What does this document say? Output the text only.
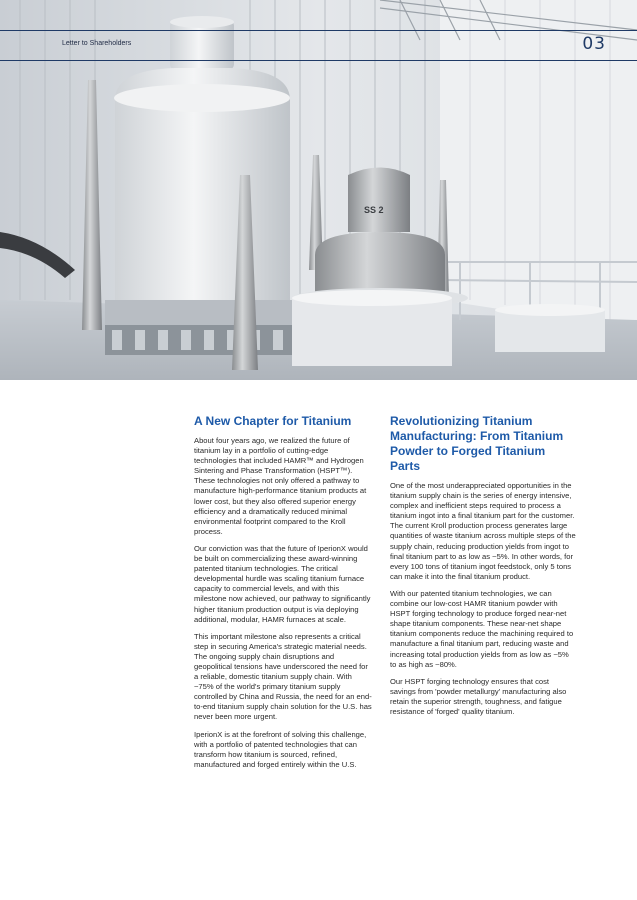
SS 2
Letter to Shareholders	03
A New Chapter for Titanium

About four years ago, we realized the future of titanium lay in a portfolio of cutting-edge technologies that included HAMR™ and Hydrogen Sintering and Phase Transformation (HSPT™). These technologies not only offered a pathway to manufacture high-performance titanium products at lower cost, but they also offered superior energy efficiency and a dramatically reduced minimal environmental footprint compared to the Kroll process.

Our conviction was that the future of IperionX would be built on commercializing these award-winning patented titanium technologies. The critical developmental hurdle was scaling titanium furnace capacity to commercial levels, and with this milestone now achieved, our pathway to significantly higher titanium production output is via deploying additional, modular, HAMR furnaces at scale.

This important milestone also represents a critical step in securing America's strategic material needs. The ongoing supply chain disruptions and geopolitical tensions have underscored the need for a reliable, domestic titanium supply chain. With ~75% of the world's primary titanium supply controlled by China and Russia, the need for an end-to-end titanium supply chain solution for the U.S. has never been more urgent.

IperionX is at the forefront of solving this challenge, with a portfolio of patented technologies that can transform how titanium is sourced, refined, manufactured and forged entirely within the U.S.

Revolutionizing Titanium Manufacturing: From Titanium Powder to Forged Titanium Parts

One of the most underappreciated opportunities in the titanium supply chain is the series of energy intensive, complex and inefficient steps required to process a titanium ingot into a final titanium part for the customer. The current Kroll production process generates large quantities of waste titanium across multiple steps of the supply chain, reducing production yields from ingot to final titanium part to as low as ~5%. In other words, for every 100 tons of titanium ingot feedstock, only 5 tons can make it into the final titanium product.

With our patented titanium technologies, we can combine our low-cost HAMR titanium powder with HSPT forging technology to produce forged near-net shape titanium components. These near-net shape titanium components reduce the machining required to manufacture a final titanium part, reducing waste and increasing total production yields from as low as ~5% to as high as ~80%.

Our HSPT forging technology ensures that cost savings from 'powder metallurgy' manufacturing also retain the superior strength, toughness, and fatigue resistance of 'forged' quality titanium.
